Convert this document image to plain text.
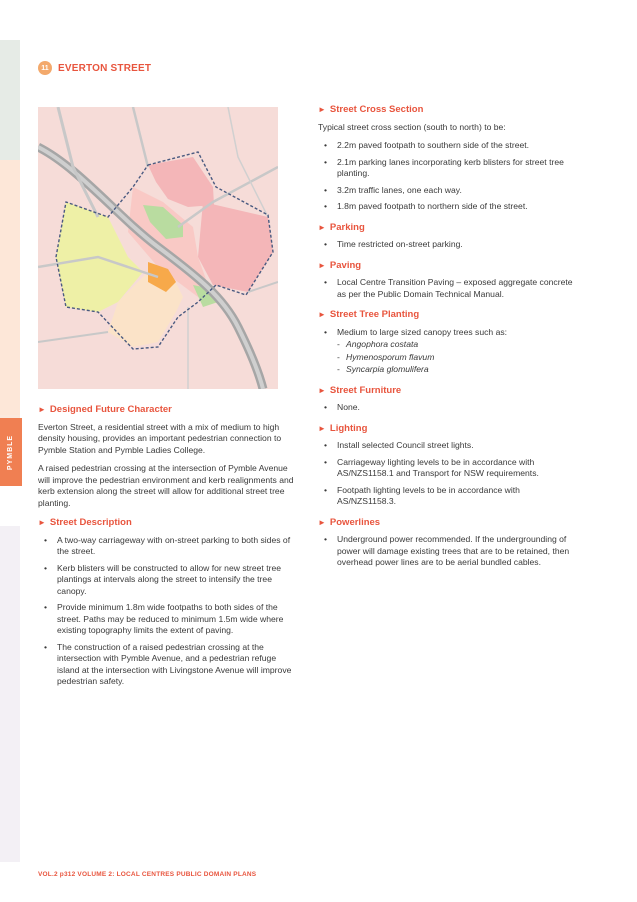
PYMBLE
11 EVERTON STREET
► Designed Future Character

Everton Street, a residential street with a mix of medium to high density housing, provides an important pedestrian connection to Pymble Station and Pymble Ladies College.

A raised pedestrian crossing at the intersection of Pymble Avenue will improve the pedestrian environment and kerb realignments and kerb extension along the street will allow for additional street tree planting.

► Street Description
• A two-way carriageway with on-street parking to both sides of the street.
• Kerb blisters will be constructed to allow for new street tree plantings at intervals along the street to intensify the tree canopy.
• Provide minimum 1.8m wide footpaths to both sides of the street. Paths may be reduced to minimum 1.5m wide where existing topography limits the extent of paving.
• The construction of a raised pedestrian crossing at the intersection with Pymble Avenue, and a pedestrian refuge island at the intersection with Livingstone Avenue will improve pedestrian safety.
► Street Cross Section

Typical street cross section (south to north) to be:

• 2.2m paved footpath to southern side of the street.
• 2.1m parking lanes incorporating kerb blisters for street tree planting.
• 3.2m traffic lanes, one each way.
• 1.8m paved footpath to northern side of the street.
► Parking
• Time restricted on-street parking.
► Paving
• Local Centre Transition Paving – exposed aggregate concrete as per the Public Domain Technical Manual.
► Street Tree Planting
• Medium to large sized canopy trees such as:
- Angophora costata
- Hymenosporum flavum
- Syncarpia glomulifera
► Street Furniture
• None.
► Lighting
• Install selected Council street lights.
• Carriageway lighting levels to be in accordance with AS/NZS1158.1 and Transport for NSW requirements.
• Footpath lighting levels to be in accordance with AS/NZS1158.3.
► Powerlines
• Underground power recommended. If the undergrounding of power will damage existing trees that are to be retained, then overhead power lines are to be aerial bundled cables.
VOL.2 p312 VOLUME 2: LOCAL CENTRES PUBLIC DOMAIN PLANS
